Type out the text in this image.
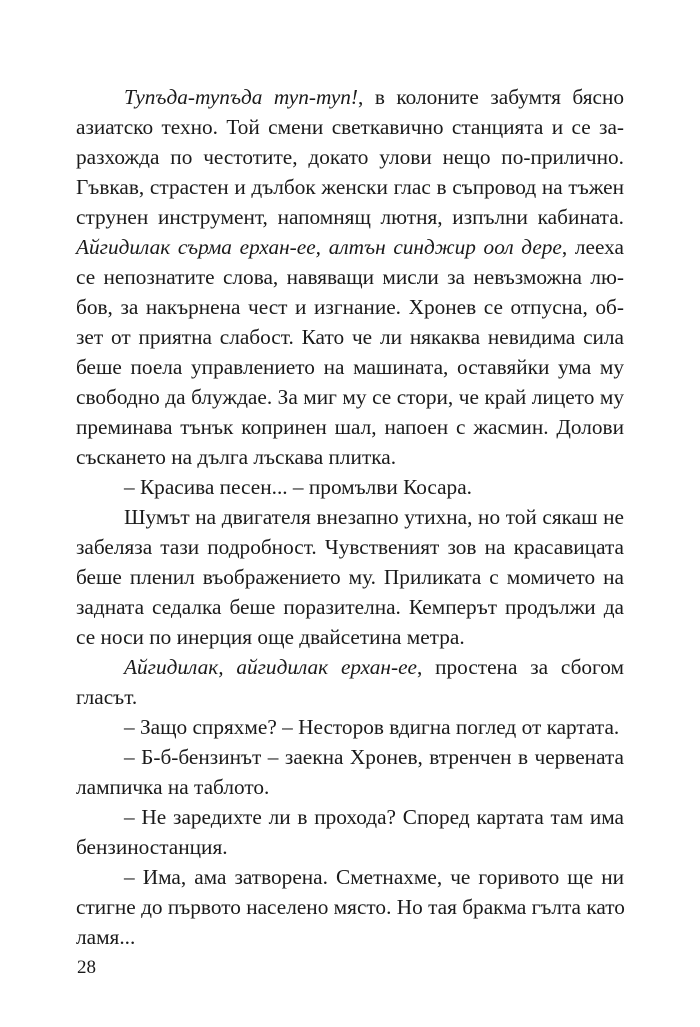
Тупъда-тупъда туп-туп!, в колоните забумтя бясно
азиатско техно. Той смени светкавично станцията и се за-
разхожда по честотите, докато улови нещо по-прилично.
Гъвкав, страстен и дълбок женски глас в съпровод на тъжен
струнен инструмент, напомнящ лютня, изпълни кабината.
Айгидилак сърма ерхан-ее, алтън синджир оол дере, лееха
се непознатите слова, навяващи мисли за невъзможна лю-
бов, за накърнена чест и изгнание. Хронев се отпусна, об-
зет от приятна слабост. Като че ли някаква невидима сила
беше поела управлението на машината, оставяйки ума му
свободно да блуждае. За миг му се стори, че край лицето му
преминава тънък копринен шал, напоен с жасмин. Долови
съскането на дълга лъскава плитка.
– Красива песен... – промълви Косара.
Шумът на двигателя внезапно утихна, но той сякаш не
забеляза тази подробност. Чувственият зов на красавицата
беше пленил въображението му. Приликата с момичето на
задната седалка беше поразителна. Кемперът продължи да
се носи по инерция още двайсетина метра.
Айгидилак, айгидилак ерхан-ее, простена за сбогом
гласът.
– Защо спряхме? – Несторов вдигна поглед от картата.
– Б-б-бензинът – заекна Хронев, втренчен в червената
лампичка на таблото.
– Не заредихте ли в прохода? Според картата там има
бензиностанция.
– Има, ама затворена. Сметнахме, че горивото ще ни
стигне до първото населено място. Но тая бракма гълта като
ламя...
28
